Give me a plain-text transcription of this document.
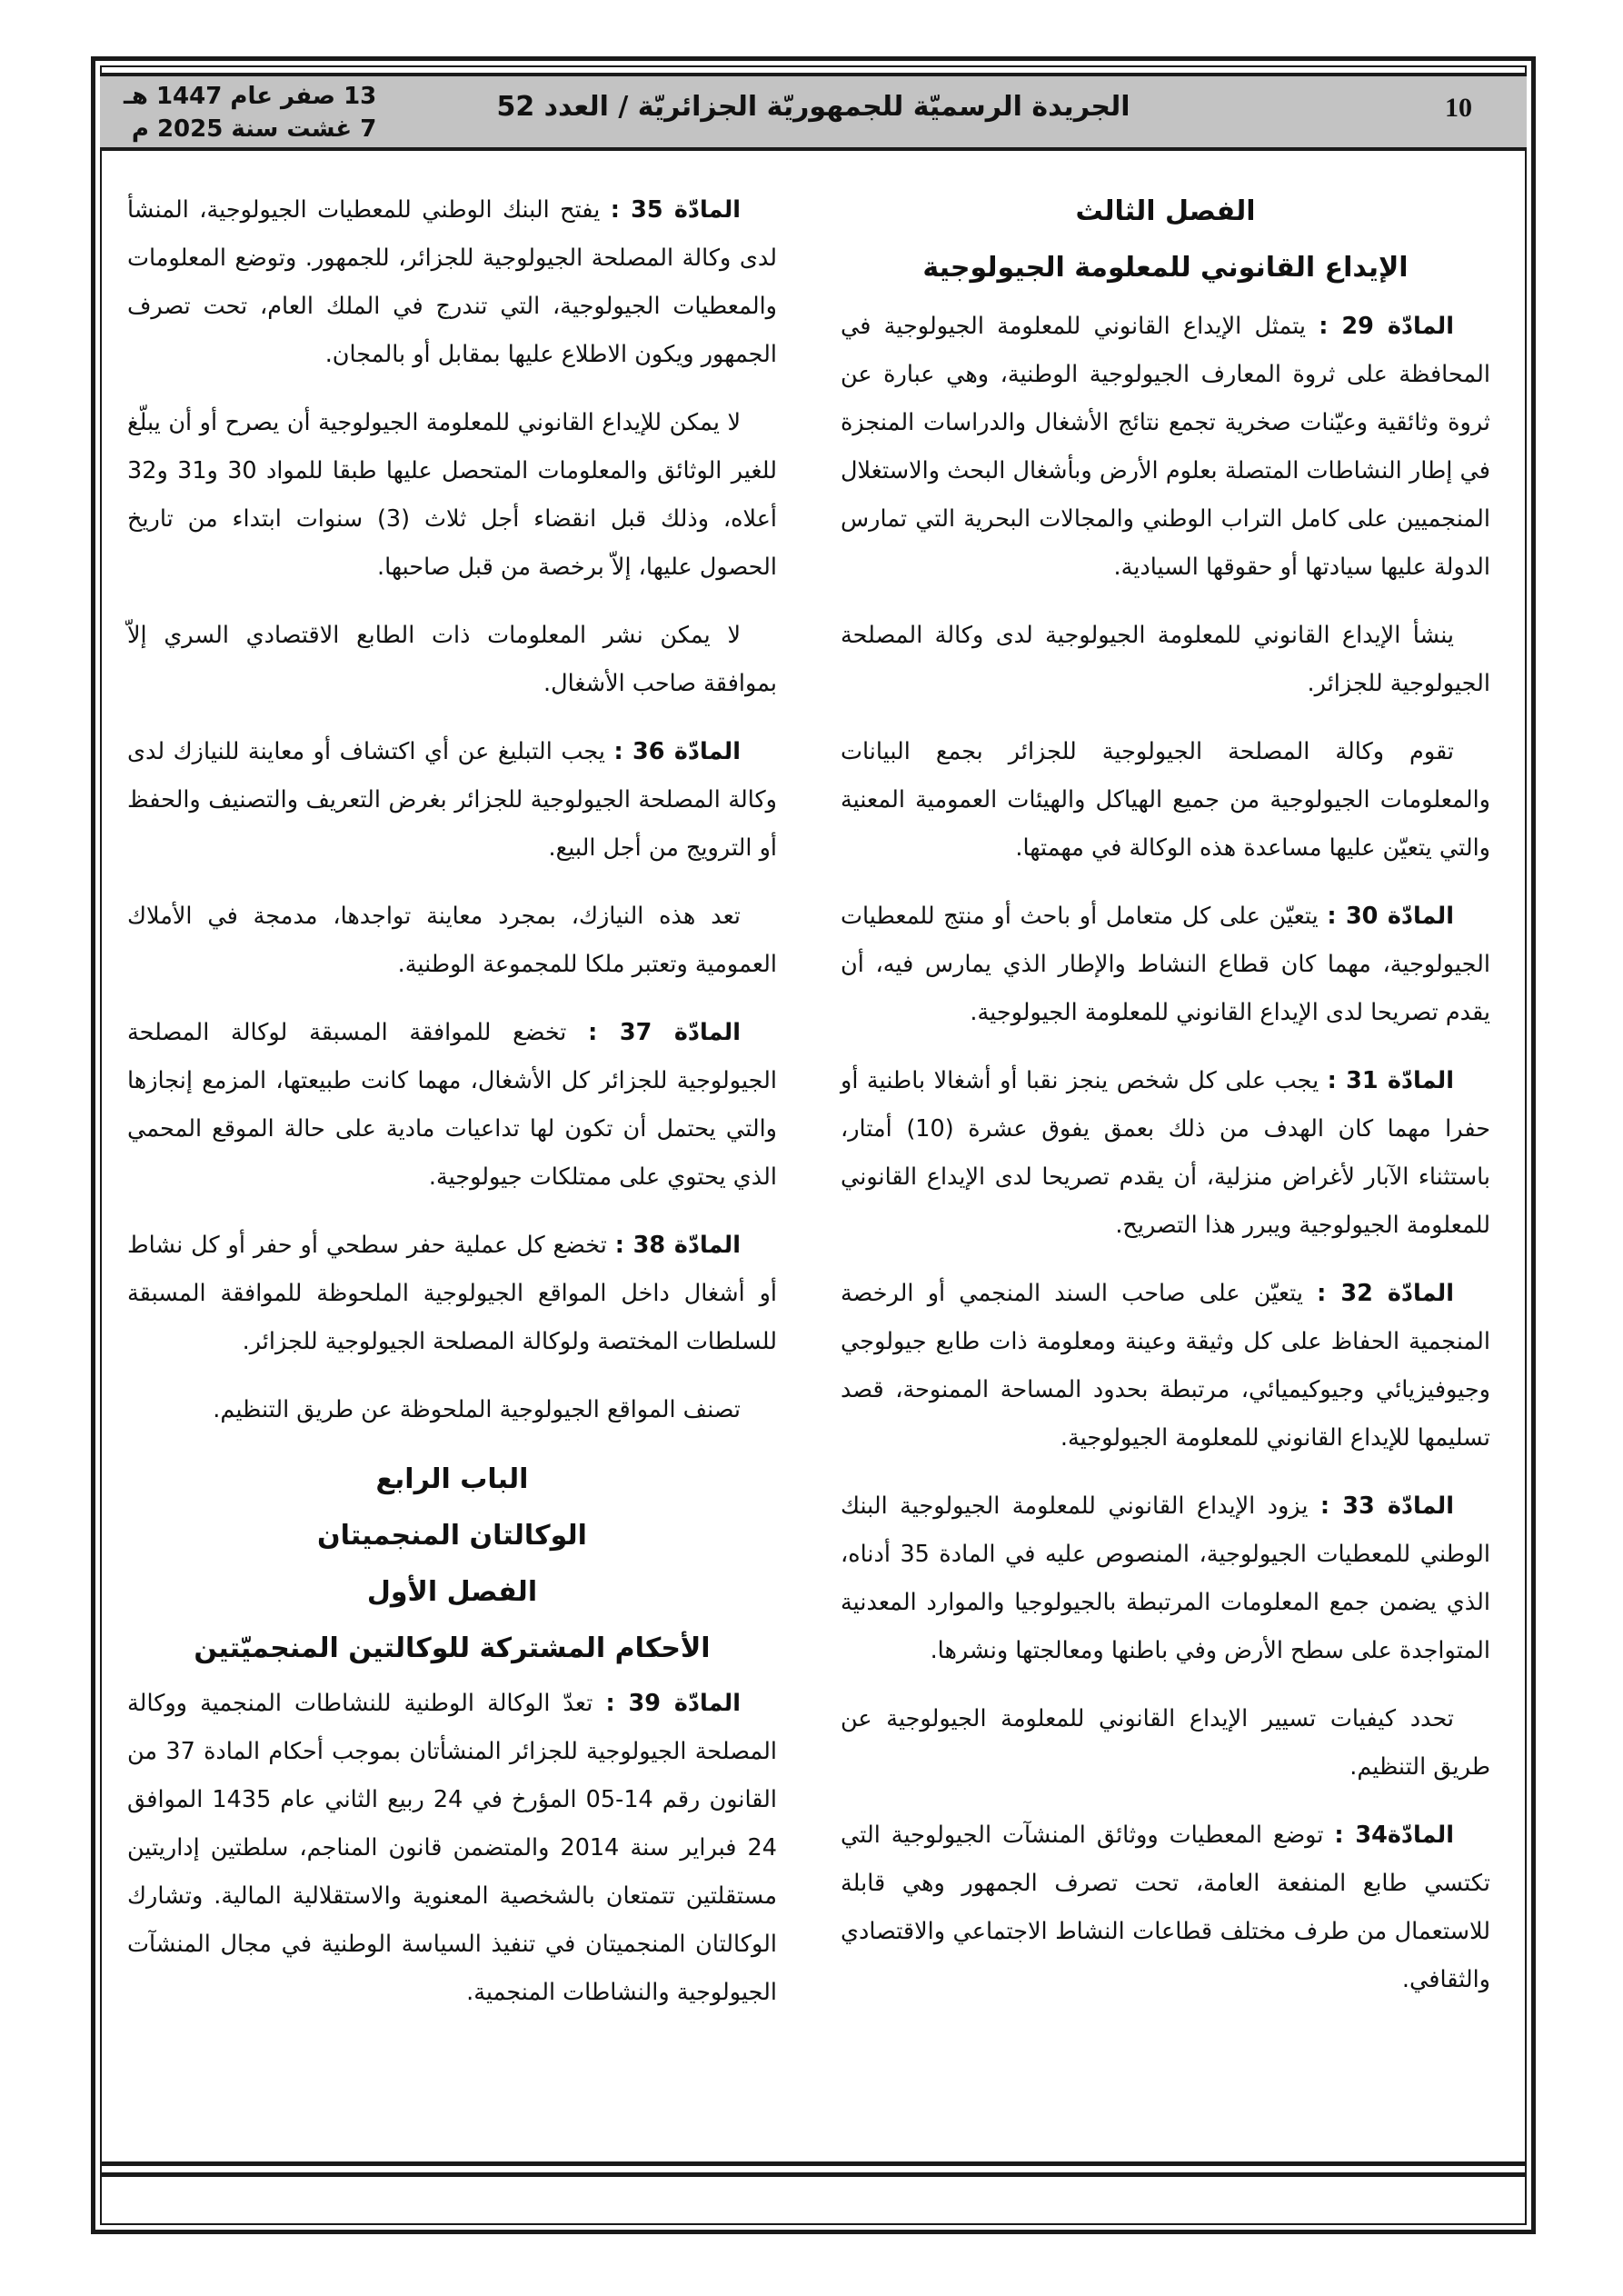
10
الجريدة الرسميّة للجمهوريّة الجزائريّة / العدد 52
13 صفر عام 1447 هـ
7 غشت سنة 2025 م
الفصل الثالث
الإيداع القانوني للمعلومة الجيولوجية

المادّة 29 : يتمثل الإيداع القانوني للمعلومة الجيولوجية في المحافظة على ثروة المعارف الجيولوجية الوطنية، وهي عبارة عن ثروة وثائقية وعيّنات صخرية تجمع نتائج الأشغال والدراسات المنجزة في إطار النشاطات المتصلة بعلوم الأرض وبأشغال البحث والاستغلال المنجميين على كامل التراب الوطني والمجالات البحرية التي تمارس الدولة عليها سيادتها أو حقوقها السيادية.

ينشأ الإيداع القانوني للمعلومة الجيولوجية لدى وكالة المصلحة الجيولوجية للجزائر.

تقوم وكالة المصلحة الجيولوجية للجزائر بجمع البيانات والمعلومات الجيولوجية من جميع الهياكل والهيئات العمومية المعنية والتي يتعيّن عليها مساعدة هذه الوكالة في مهمتها.

المادّة 30 : يتعيّن على كل متعامل أو باحث أو منتج للمعطيات الجيولوجية، مهما كان قطاع النشاط والإطار الذي يمارس فيه، أن يقدم تصريحا لدى الإيداع القانوني للمعلومة الجيولوجية.

المادّة 31 : يجب على كل شخص ينجز نقبا أو أشغالا باطنية أو حفرا مهما كان الهدف من ذلك بعمق يفوق عشرة (10) أمتار، باستثناء الآبار لأغراض منزلية، أن يقدم تصريحا لدى الإيداع القانوني للمعلومة الجيولوجية ويبرر هذا التصريح.

المادّة 32 : يتعيّن على صاحب السند المنجمي أو الرخصة المنجمية الحفاظ على كل وثيقة وعينة ومعلومة ذات طابع جيولوجي وجيوفيزيائي وجيوكيميائي، مرتبطة بحدود المساحة الممنوحة، قصد تسليمها للإيداع القانوني للمعلومة الجيولوجية.

المادّة 33 : يزود الإيداع القانوني للمعلومة الجيولوجية البنك الوطني للمعطيات الجيولوجية، المنصوص عليه في المادة 35 أدناه، الذي يضمن جمع المعلومات المرتبطة بالجيولوجيا والموارد المعدنية المتواجدة على سطح الأرض وفي باطنها ومعالجتها ونشرها.

تحدد كيفيات تسيير الإيداع القانوني للمعلومة الجيولوجية عن طريق التنظيم.

المادّة34 : توضع المعطيات ووثائق المنشآت الجيولوجية التي تكتسي طابع المنفعة العامة، تحت تصرف الجمهور وهي قابلة للاستعمال من طرف مختلف قطاعات النشاط الاجتماعي والاقتصادي والثقافي.

المادّة 35 : يفتح البنك الوطني للمعطيات الجيولوجية، المنشأ لدى وكالة المصلحة الجيولوجية للجزائر، للجمهور. وتوضع المعلومات والمعطيات الجيولوجية، التي تندرج في الملك العام، تحت تصرف الجمهور ويكون الاطلاع عليها بمقابل أو بالمجان.

لا يمكن للإيداع القانوني للمعلومة الجيولوجية أن يصرح أو أن يبلّغ للغير الوثائق والمعلومات المتحصل عليها طبقا للمواد 30 و31 و32 أعلاه، وذلك قبل انقضاء أجل ثلاث (3) سنوات ابتداء من تاريخ الحصول عليها، إلاّ برخصة من قبل صاحبها.

لا يمكن نشر المعلومات ذات الطابع الاقتصادي السري إلاّ بموافقة صاحب الأشغال.

المادّة 36 : يجب التبليغ عن أي اكتشاف أو معاينة للنيازك لدى وكالة المصلحة الجيولوجية للجزائر بغرض التعريف والتصنيف والحفظ أو الترويج من أجل البيع.

تعد هذه النيازك، بمجرد معاينة تواجدها، مدمجة في الأملاك العمومية وتعتبر ملكا للمجموعة الوطنية.

المادّة 37 : تخضع للموافقة المسبقة لوكالة المصلحة الجيولوجية للجزائر كل الأشغال، مهما كانت طبيعتها، المزمع إنجازها والتي يحتمل أن تكون لها تداعيات مادية على حالة الموقع المحمي الذي يحتوي على ممتلكات جيولوجية.

المادّة 38 : تخضع كل عملية حفر سطحي أو حفر أو كل نشاط أو أشغال داخل المواقع الجيولوجية الملحوظة للموافقة المسبقة للسلطات المختصة ولوكالة المصلحة الجيولوجية للجزائر.

تصنف المواقع الجيولوجية الملحوظة عن طريق التنظيم.

الباب الرابع
الوكالتان المنجميتان
الفصل الأول
الأحكام المشتركة للوكالتين المنجميّتين

المادّة 39 : تعدّ الوكالة الوطنية للنشاطات المنجمية ووكالة المصلحة الجيولوجية للجزائر المنشأتان بموجب أحكام المادة 37 من القانون رقم 14-05 المؤرخ في 24 ربيع الثاني عام 1435 الموافق 24 فبراير سنة 2014 والمتضمن قانون المناجم، سلطتين إداريتين مستقلتين تتمتعان بالشخصية المعنوية والاستقلالية المالية. وتشارك الوكالتان المنجميتان في تنفيذ السياسة الوطنية في مجال المنشآت الجيولوجية والنشاطات المنجمية.
